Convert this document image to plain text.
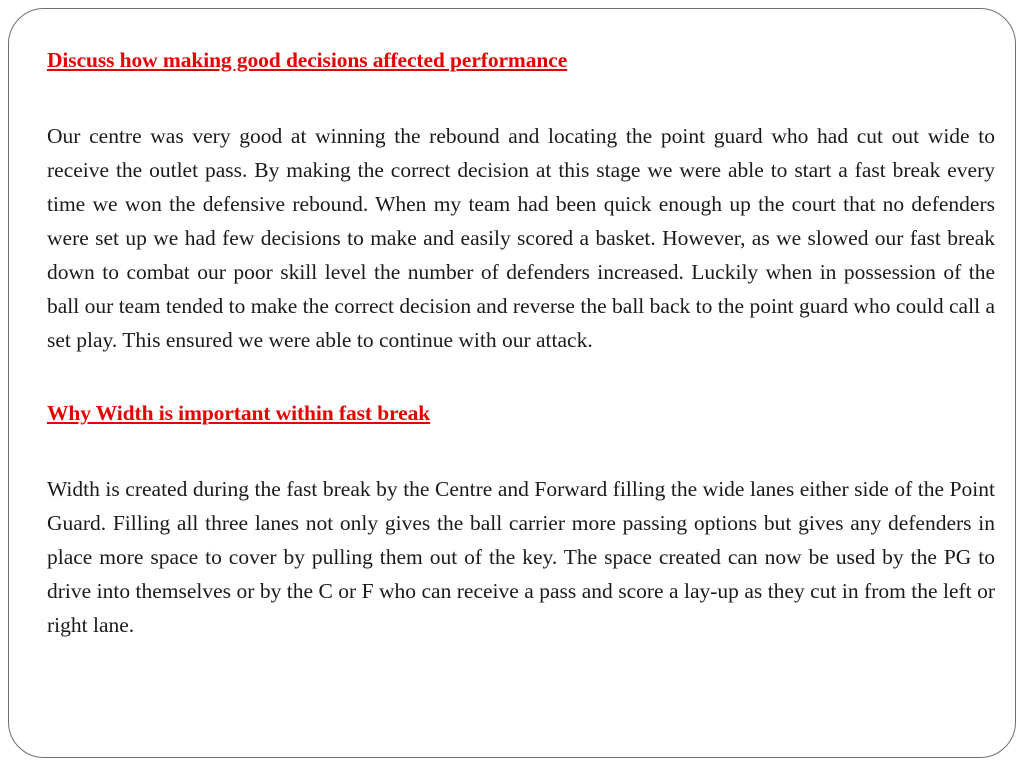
Discuss how making good decisions affected performance

Our centre was very good at winning the rebound and locating the point guard who had cut out wide to receive the outlet pass. By making the correct decision at this stage we were able to start a fast break every time we won the defensive rebound. When my team had been quick enough up the court that no defenders were set up we had few decisions to make and easily scored a basket. However, as we slowed our fast break down to combat our poor skill level the number of defenders increased. Luckily when in possession of the ball our team tended to make the correct decision and reverse the ball back to the point guard who could call a set play. This ensured we were able to continue with our attack.

Why Width is important within fast break

Width is created during the fast break by the Centre and Forward filling the wide lanes either side of the Point Guard. Filling all three lanes not only gives the ball carrier more passing options but gives any defenders in place more space to cover by pulling them out of the key. The space created can now be used by the PG to drive into themselves or by the C or F who can receive a pass and score a lay-up as they cut in from the left or right lane.
